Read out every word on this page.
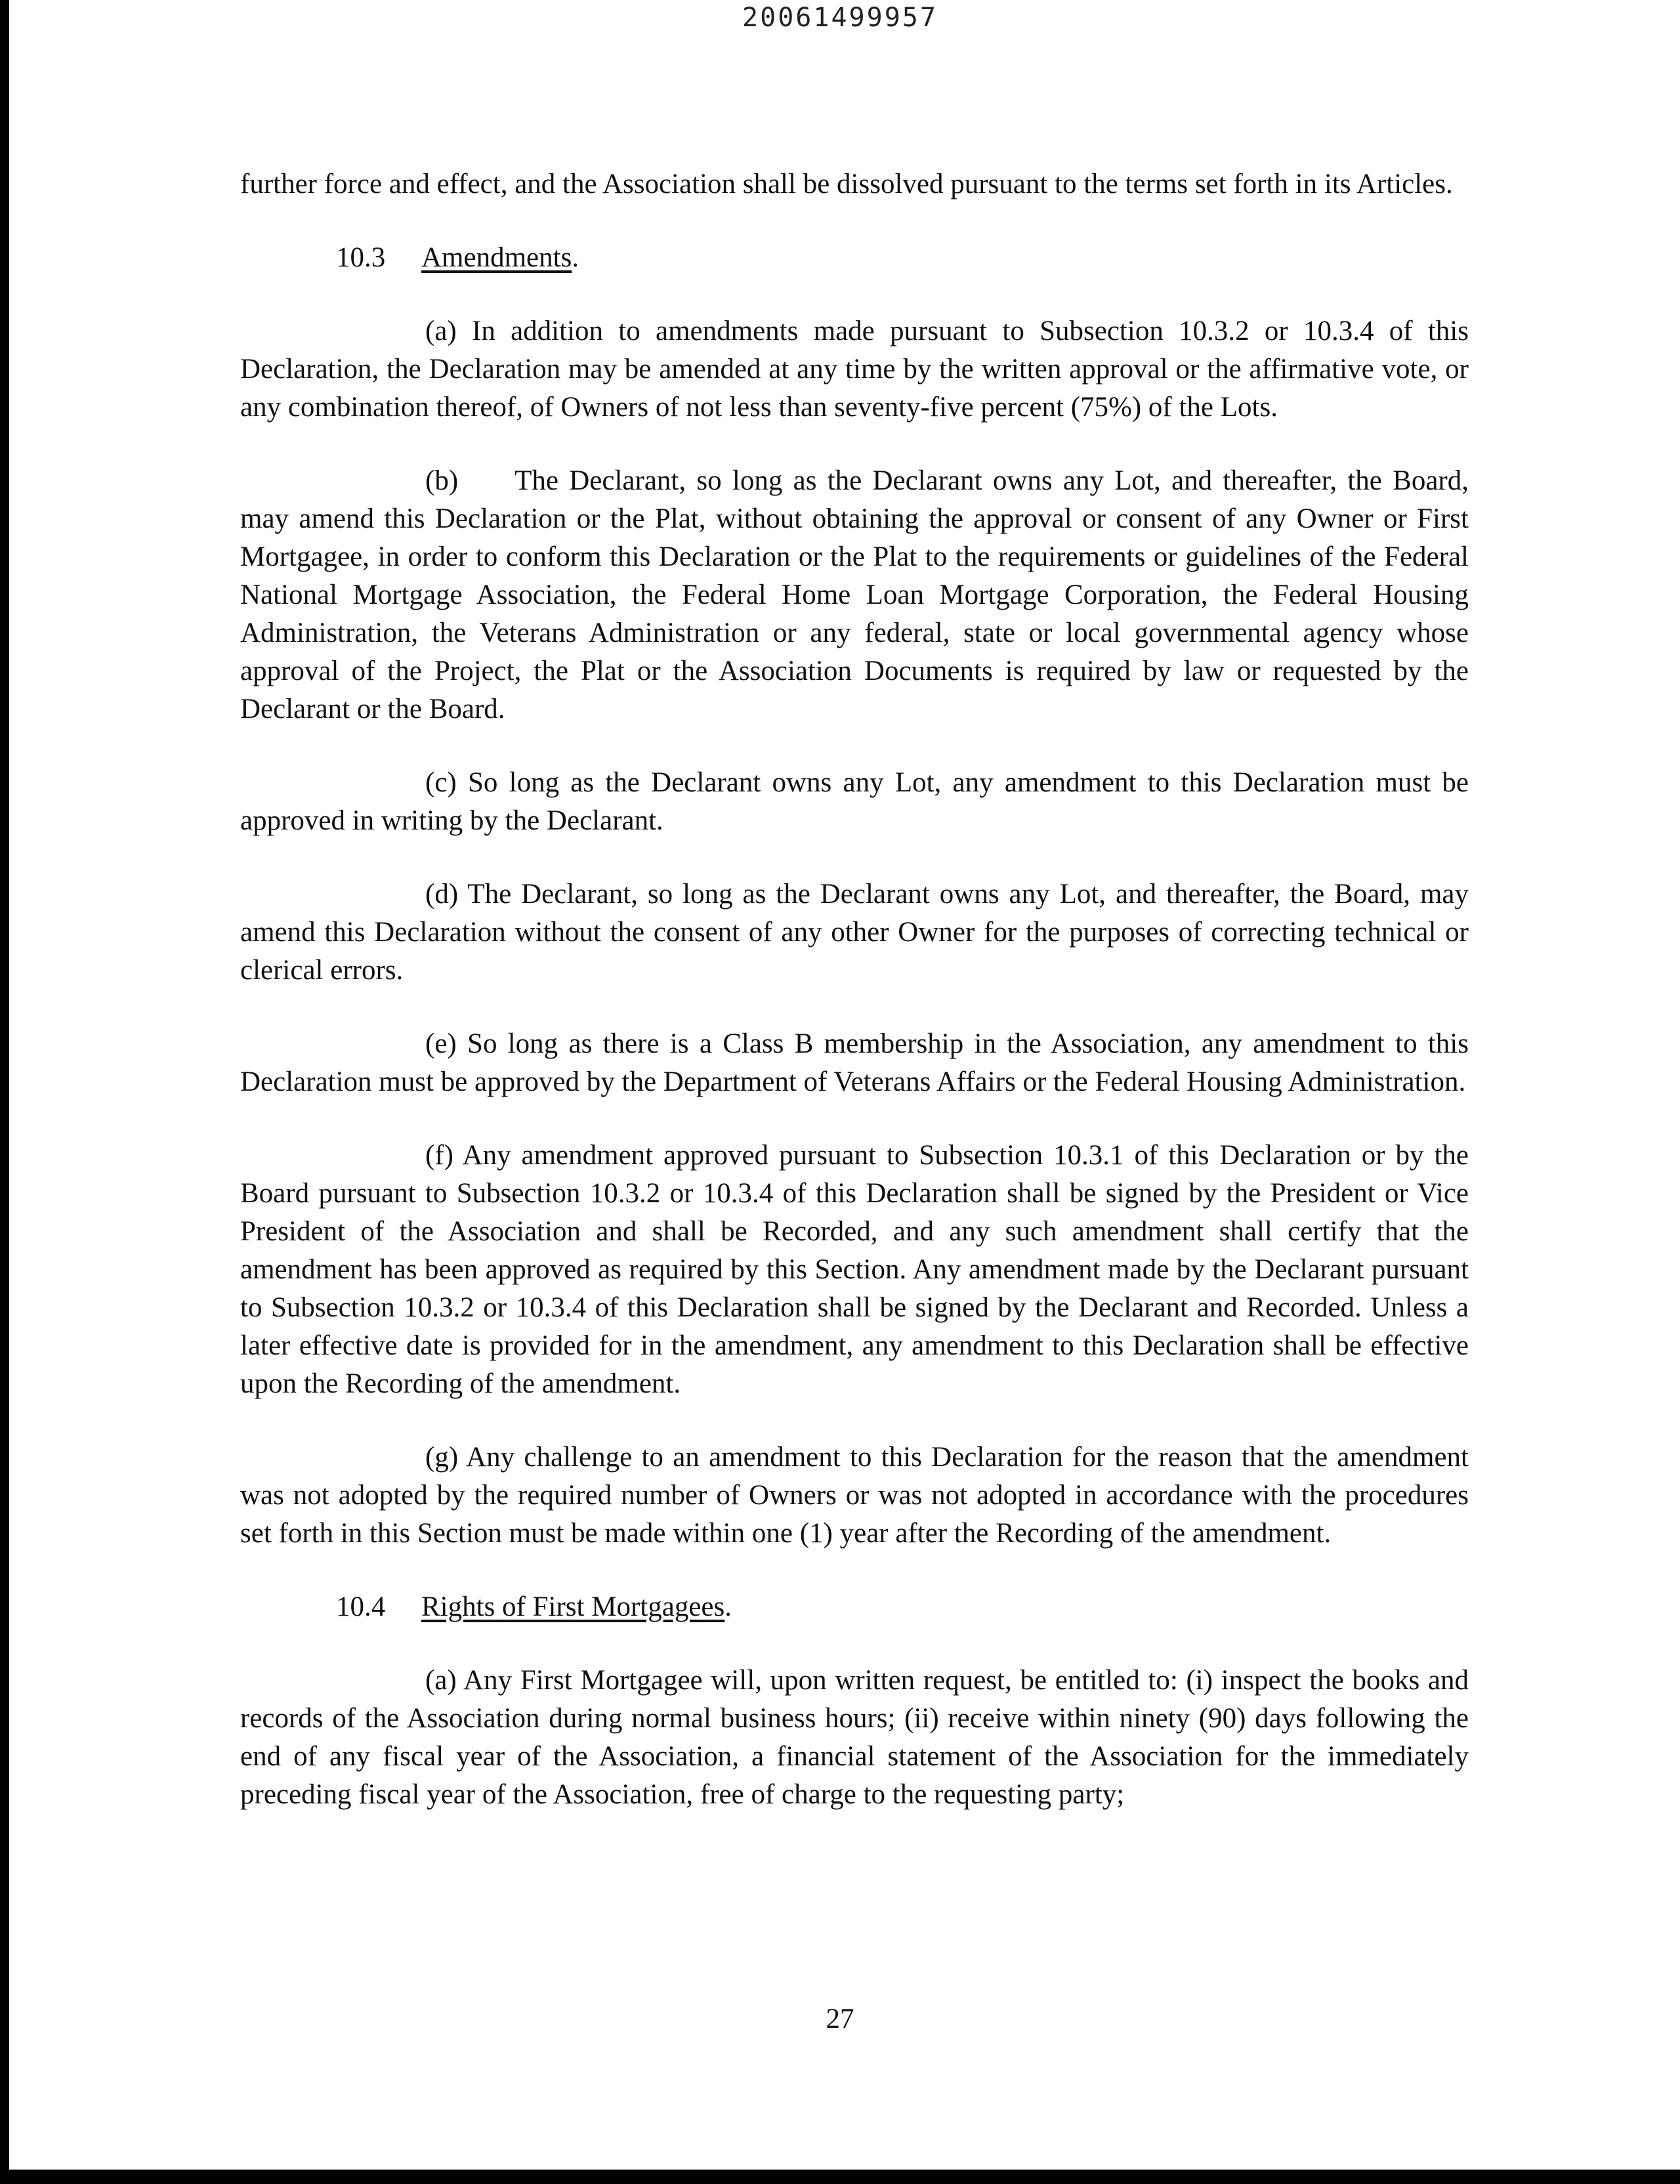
20061499957

further force and effect, and the Association shall be dissolved pursuant to the terms set forth in its Articles.

10.3	Amendments.

(a) In addition to amendments made pursuant to Subsection 10.3.2 or 10.3.4 of this Declaration, the Declaration may be amended at any time by the written approval or the affirmative vote, or any combination thereof, of Owners of not less than seventy-five percent (75%) of the Lots.

(b)  The Declarant, so long as the Declarant owns any Lot, and thereafter, the Board, may amend this Declaration or the Plat, without obtaining the approval or consent of any Owner or First Mortgagee, in order to conform this Declaration or the Plat to the requirements or guidelines of the Federal National Mortgage Association, the Federal Home Loan Mortgage Corporation, the Federal Housing Administration, the Veterans Administration or any federal, state or local governmental agency whose approval of the Project, the Plat or the Association Documents is required by law or requested by the Declarant or the Board.

(c) So long as the Declarant owns any Lot, any amendment to this Declaration must be approved in writing by the Declarant.

(d) The Declarant, so long as the Declarant owns any Lot, and thereafter, the Board, may amend this Declaration without the consent of any other Owner for the purposes of correcting technical or clerical errors.

(e) So long as there is a Class B membership in the Association, any amendment to this Declaration must be approved by the Department of Veterans Affairs or the Federal Housing Administration.

(f) Any amendment approved pursuant to Subsection 10.3.1 of this Declaration or by the Board pursuant to Subsection 10.3.2 or 10.3.4 of this Declaration shall be signed by the President or Vice President of the Association and shall be Recorded, and any such amendment shall certify that the amendment has been approved as required by this Section. Any amendment made by the Declarant pursuant to Subsection 10.3.2 or 10.3.4 of this Declaration shall be signed by the Declarant and Recorded. Unless a later effective date is provided for in the amendment, any amendment to this Declaration shall be effective upon the Recording of the amendment.

(g) Any challenge to an amendment to this Declaration for the reason that the amendment was not adopted by the required number of Owners or was not adopted in accordance with the procedures set forth in this Section must be made within one (1) year after the Recording of the amendment.

10.4	Rights of First Mortgagees.

(a) Any First Mortgagee will, upon written request, be entitled to: (i) inspect the books and records of the Association during normal business hours; (ii) receive within ninety (90) days following the end of any fiscal year of the Association, a financial statement of the Association for the immediately preceding fiscal year of the Association, free of charge to the requesting party;

27
